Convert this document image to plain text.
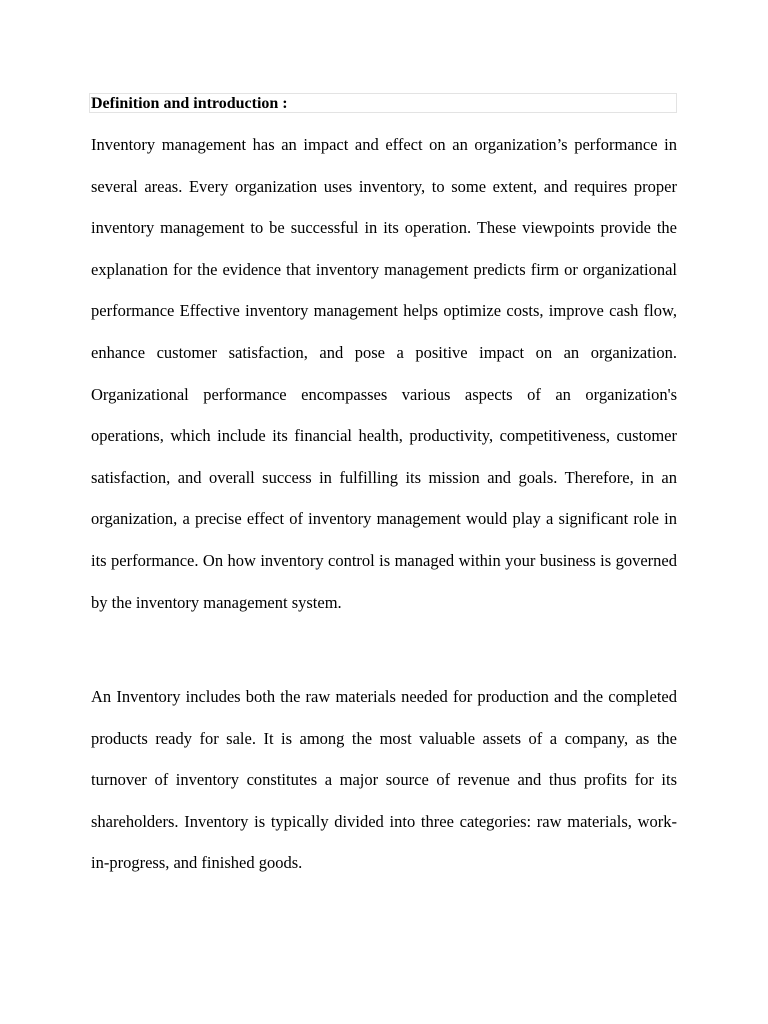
Definition and introduction :

Inventory management has an impact and effect on an organization’s performance in several areas. Every organization uses inventory, to some extent, and requires proper inventory management to be successful in its operation. These viewpoints provide the explanation for the evidence that inventory management predicts firm or organizational performance Effective inventory management helps optimize costs, improve cash flow, enhance customer satisfaction, and pose a positive impact on an organization. Organizational performance encompasses various aspects of an organization's operations, which include its financial health, productivity, competitiveness, customer satisfaction, and overall success in fulfilling its mission and goals. Therefore, in an organization, a precise effect of inventory management would play a significant role in its performance. On how inventory control is managed within your business is governed by the inventory management system.

An Inventory includes both the raw materials needed for production and the completed products ready for sale. It is among the most valuable assets of a company, as the turnover of inventory constitutes a major source of revenue and thus profits for its shareholders. Inventory is typically divided into three categories: raw materials, work-in-progress, and finished goods.
